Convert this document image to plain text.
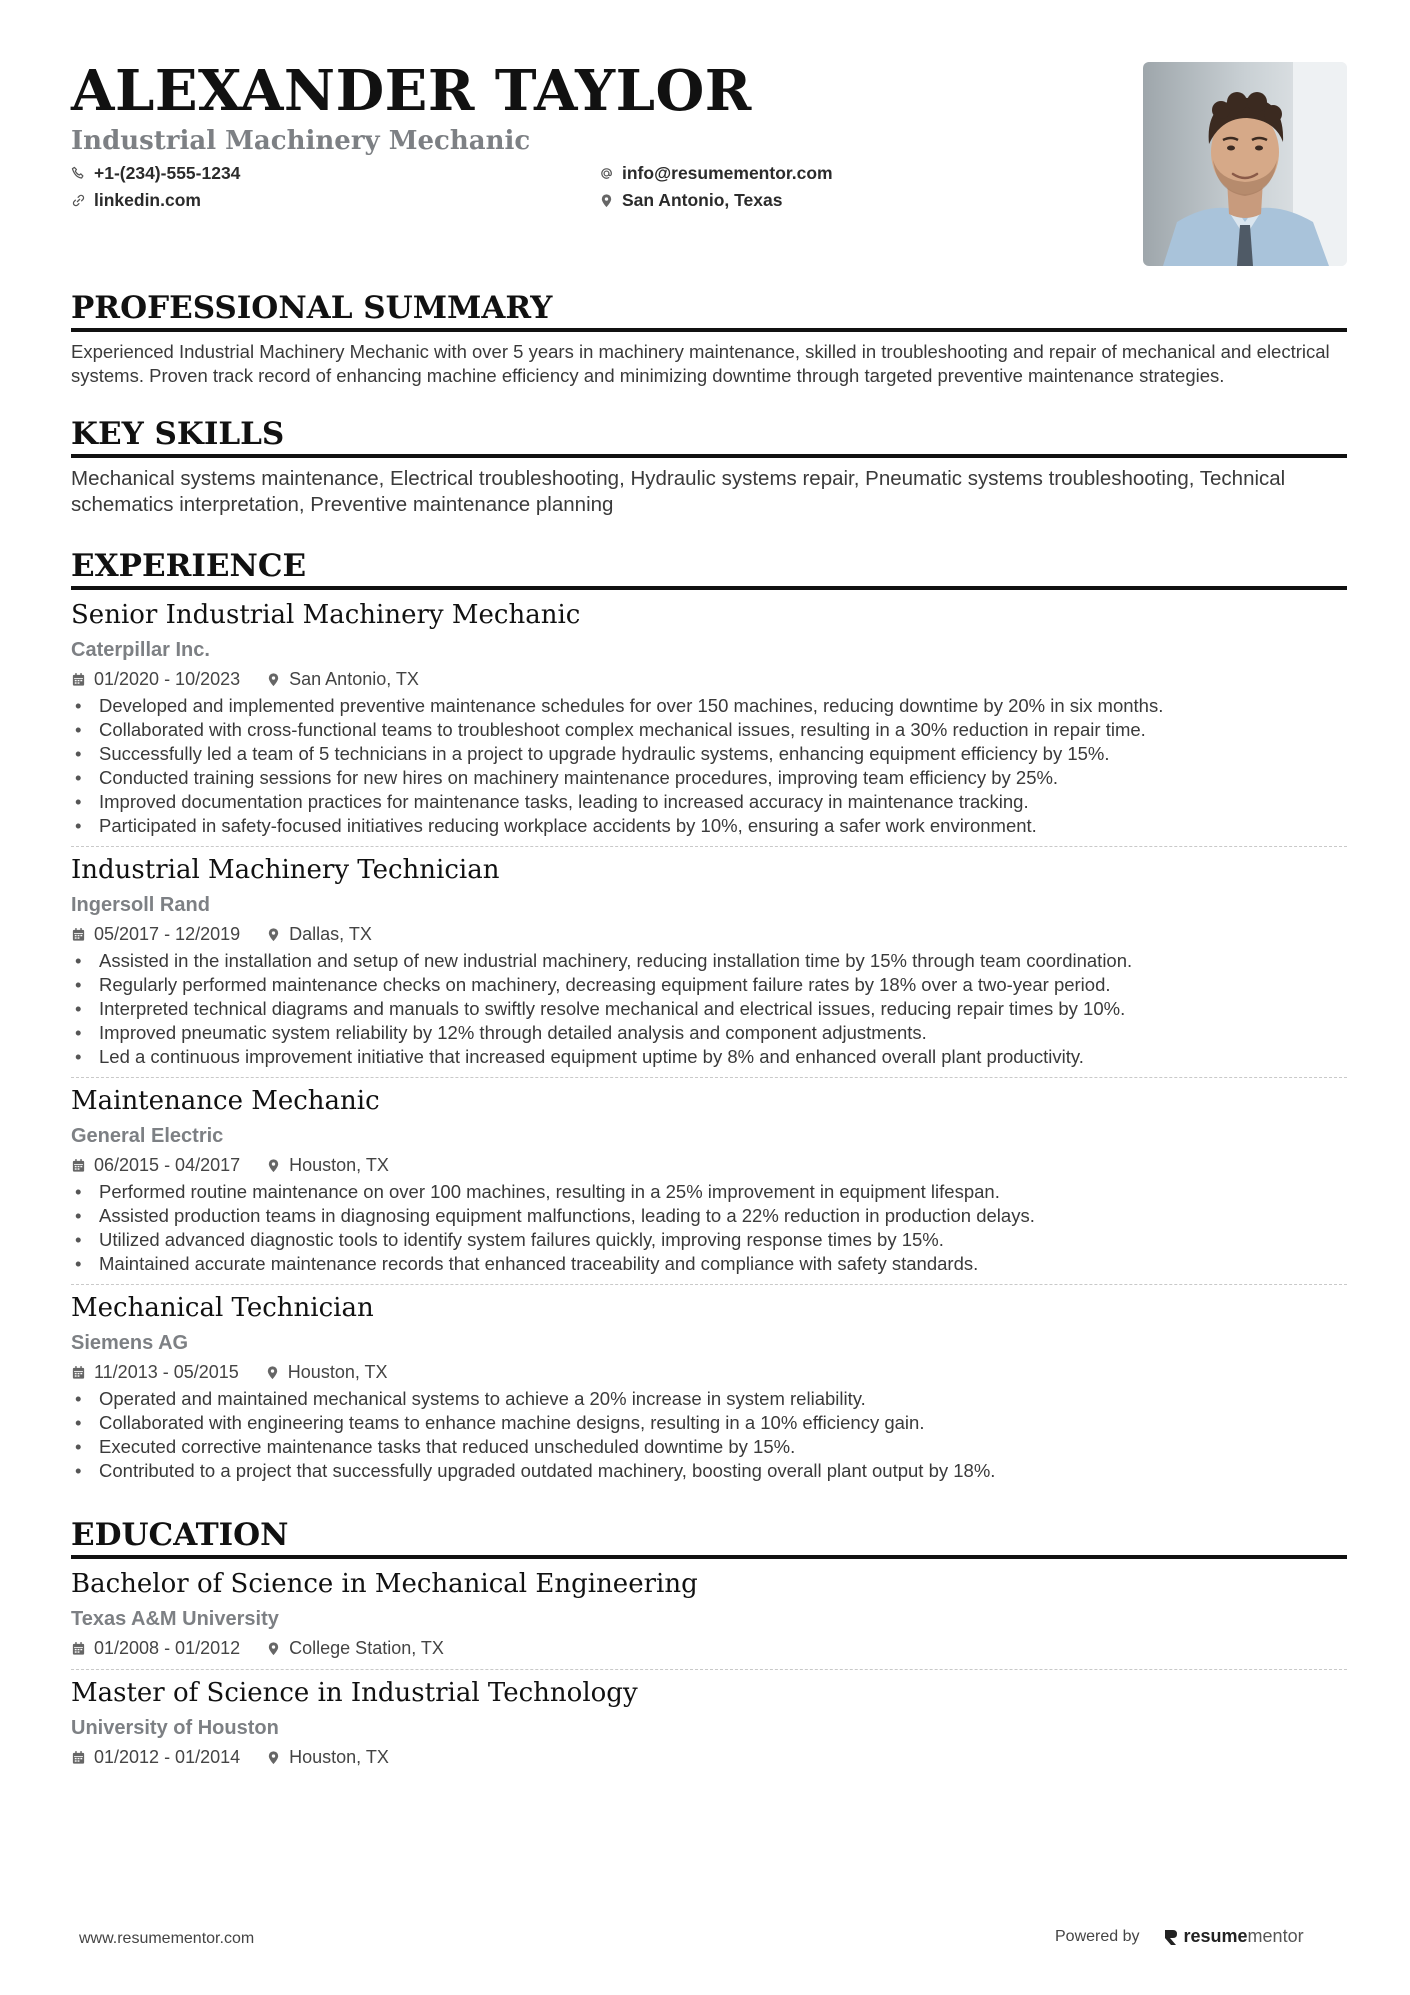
ALEXANDER TAYLOR
Industrial Machinery Mechanic
+1-(234)-555-1234	info@resumementor.com
linkedin.com	San Antonio, Texas
PROFESSIONAL SUMMARY

Experienced Industrial Machinery Mechanic with over 5 years in machinery maintenance, skilled in troubleshooting and repair of mechanical and electrical systems. Proven track record of enhancing machine efficiency and minimizing downtime through targeted preventive maintenance strategies.

KEY SKILLS

Mechanical systems maintenance, Electrical troubleshooting, Hydraulic systems repair, Pneumatic systems troubleshooting, Technical schematics interpretation, Preventive maintenance planning

EXPERIENCE
Senior Industrial Machinery Mechanic
Caterpillar Inc.
01/2020 - 10/2023	San Antonio, TX
• Developed and implemented preventive maintenance schedules for over 150 machines, reducing downtime by 20% in six months.
• Collaborated with cross-functional teams to troubleshoot complex mechanical issues, resulting in a 30% reduction in repair time.
• Successfully led a team of 5 technicians in a project to upgrade hydraulic systems, enhancing equipment efficiency by 15%.
• Conducted training sessions for new hires on machinery maintenance procedures, improving team efficiency by 25%.
• Improved documentation practices for maintenance tasks, leading to increased accuracy in maintenance tracking.
• Participated in safety-focused initiatives reducing workplace accidents by 10%, ensuring a safer work environment.
Industrial Machinery Technician
Ingersoll Rand
05/2017 - 12/2019	Dallas, TX
• Assisted in the installation and setup of new industrial machinery, reducing installation time by 15% through team coordination.
• Regularly performed maintenance checks on machinery, decreasing equipment failure rates by 18% over a two-year period.
• Interpreted technical diagrams and manuals to swiftly resolve mechanical and electrical issues, reducing repair times by 10%.
• Improved pneumatic system reliability by 12% through detailed analysis and component adjustments.
• Led a continuous improvement initiative that increased equipment uptime by 8% and enhanced overall plant productivity.
Maintenance Mechanic
General Electric
06/2015 - 04/2017	Houston, TX
• Performed routine maintenance on over 100 machines, resulting in a 25% improvement in equipment lifespan.
• Assisted production teams in diagnosing equipment malfunctions, leading to a 22% reduction in production delays.
• Utilized advanced diagnostic tools to identify system failures quickly, improving response times by 15%.
• Maintained accurate maintenance records that enhanced traceability and compliance with safety standards.
Mechanical Technician
Siemens AG
11/2013 - 05/2015	Houston, TX
• Operated and maintained mechanical systems to achieve a 20% increase in system reliability.
• Collaborated with engineering teams to enhance machine designs, resulting in a 10% efficiency gain.
• Executed corrective maintenance tasks that reduced unscheduled downtime by 15%.
• Contributed to a project that successfully upgraded outdated machinery, boosting overall plant output by 18%.
EDUCATION
Bachelor of Science in Mechanical Engineering
Texas A&M University
01/2008 - 01/2012	College Station, TX
Master of Science in Industrial Technology
University of Houston
01/2012 - 01/2014	Houston, TX
www.resumementor.com	Powered by resume mentor
